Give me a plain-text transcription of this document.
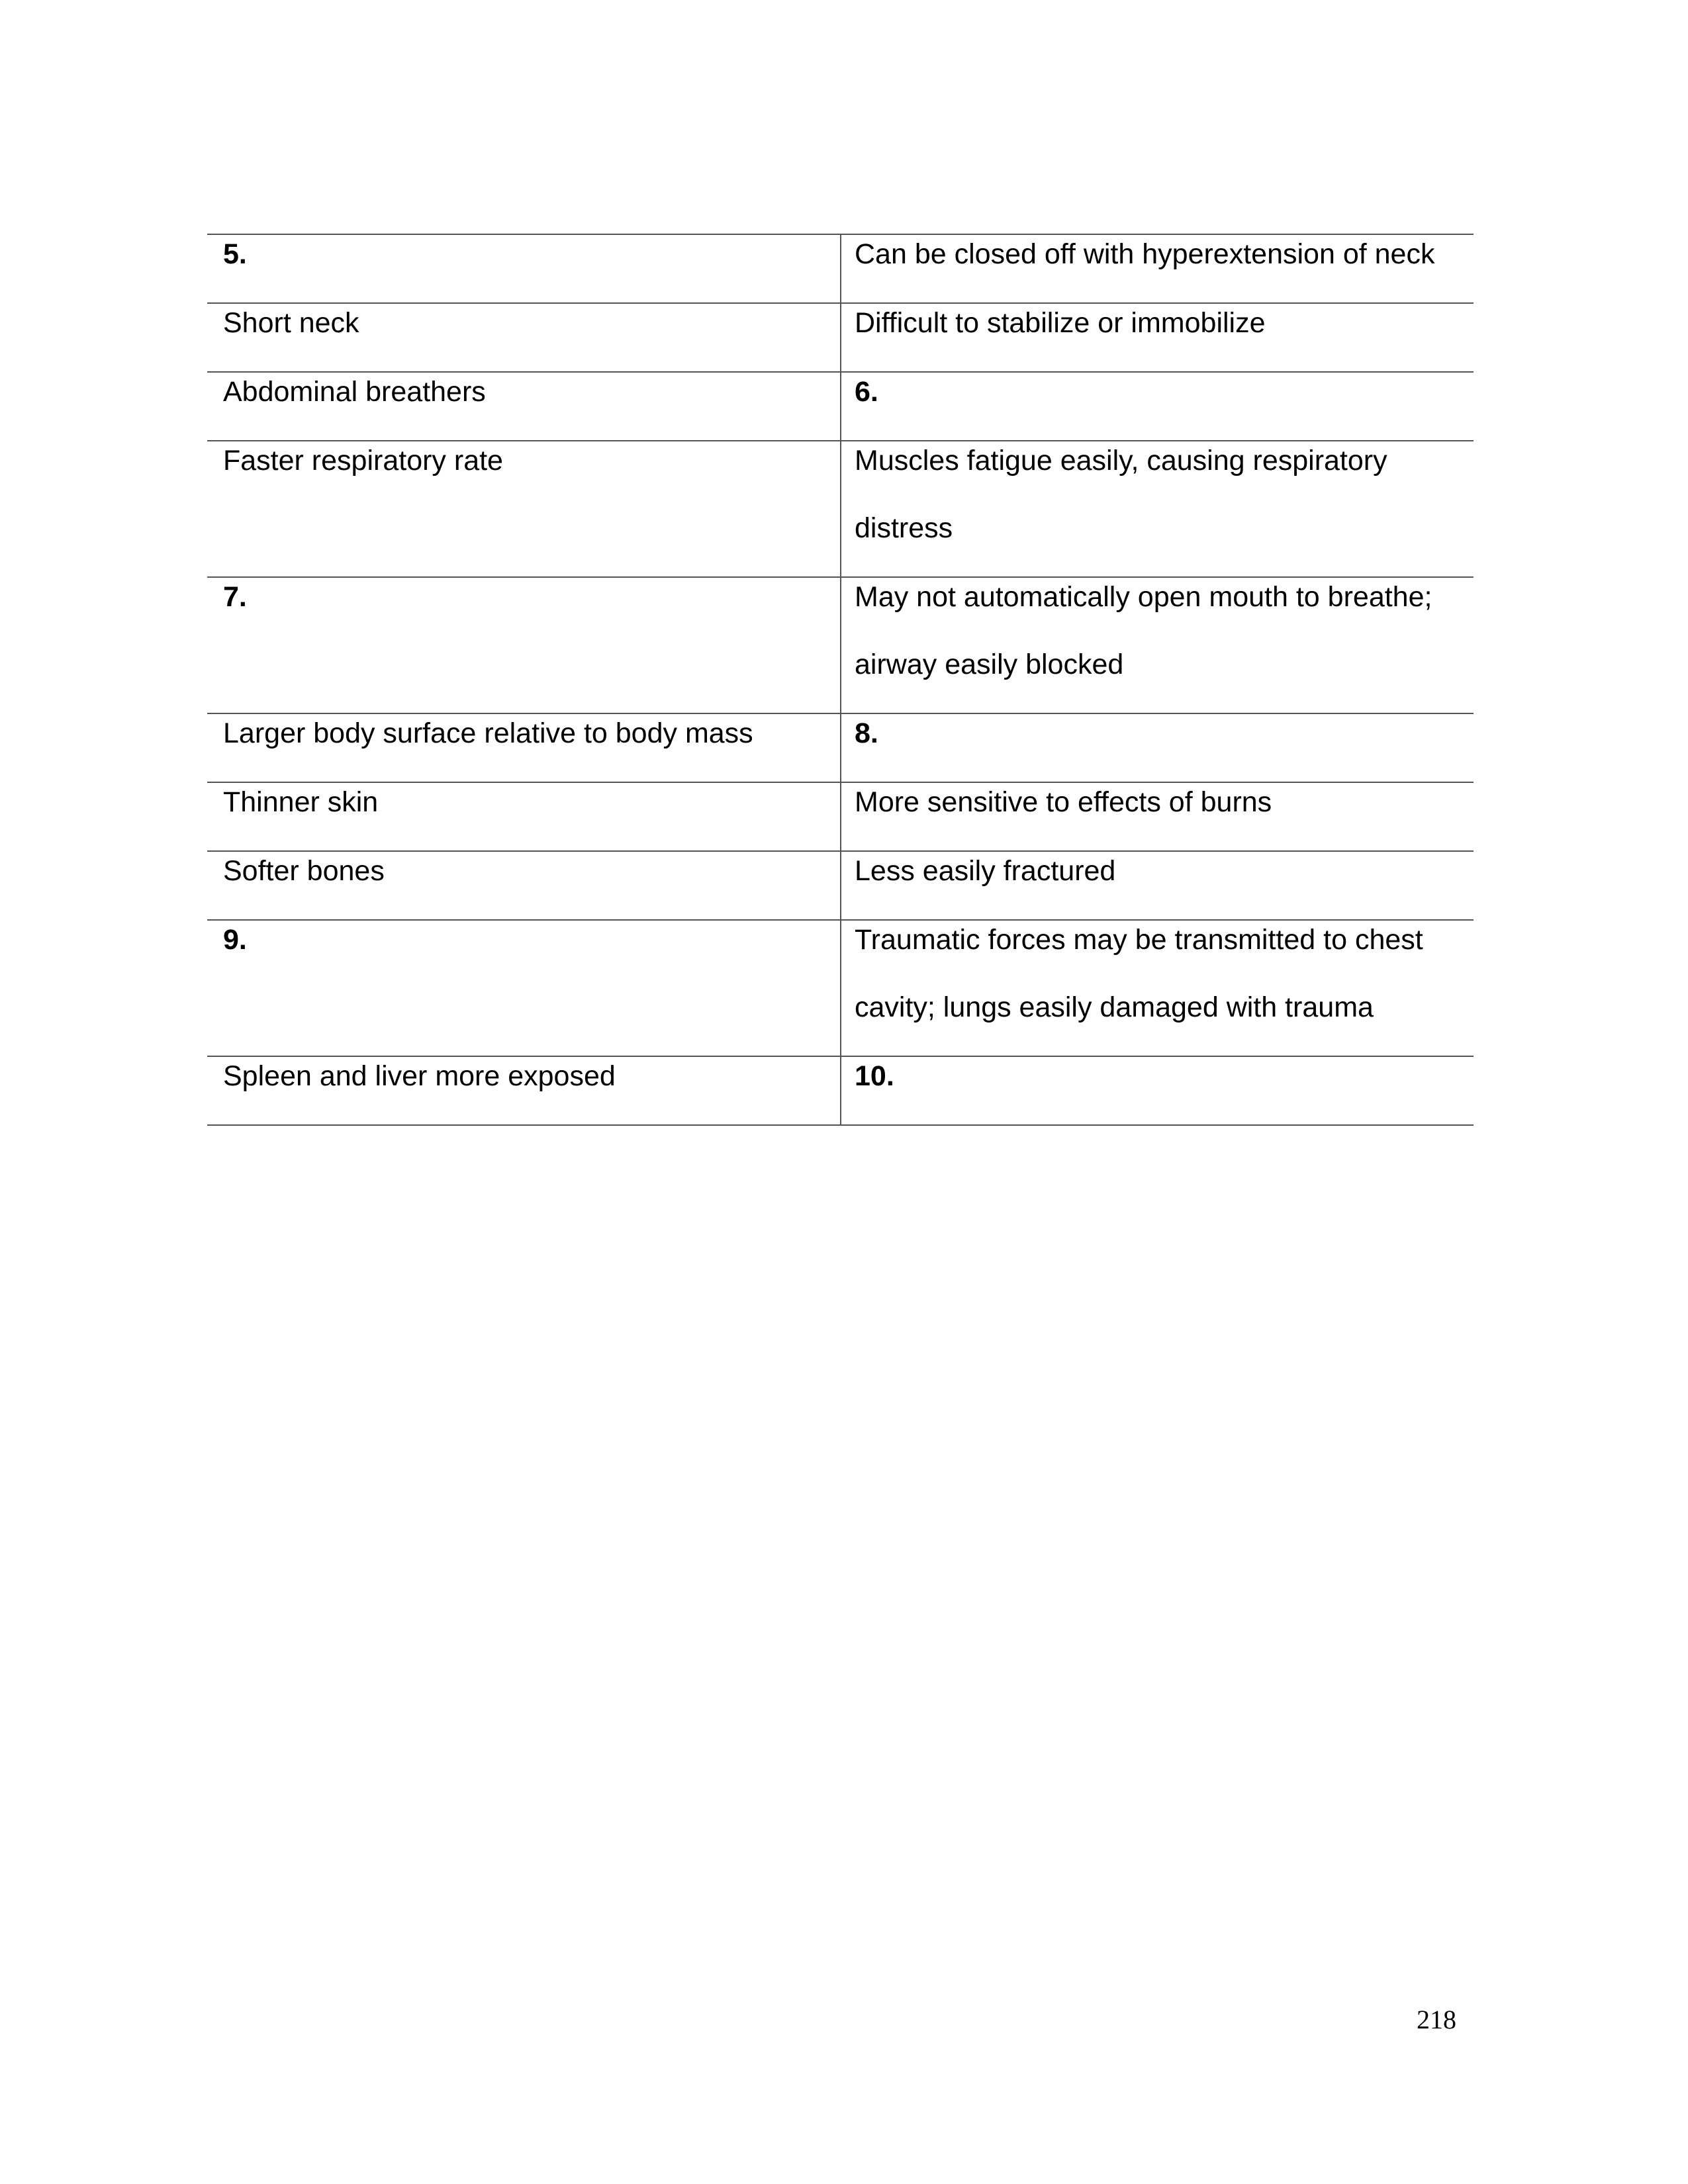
5.	Can be closed off with hyperextension of neck

Short neck	Difficult to stabilize or immobilize

Abdominal breathers	6.

Faster respiratory rate	Muscles fatigue easily, causing respiratory distress

7.	May not automatically open mouth to breathe; airway easily blocked

Larger body surface relative to body mass	8.

Thinner skin	More sensitive to effects of burns

Softer bones	Less easily fractured

9.	Traumatic forces may be transmitted to chest cavity; lungs easily damaged with trauma

Spleen and liver more exposed	10.
218
